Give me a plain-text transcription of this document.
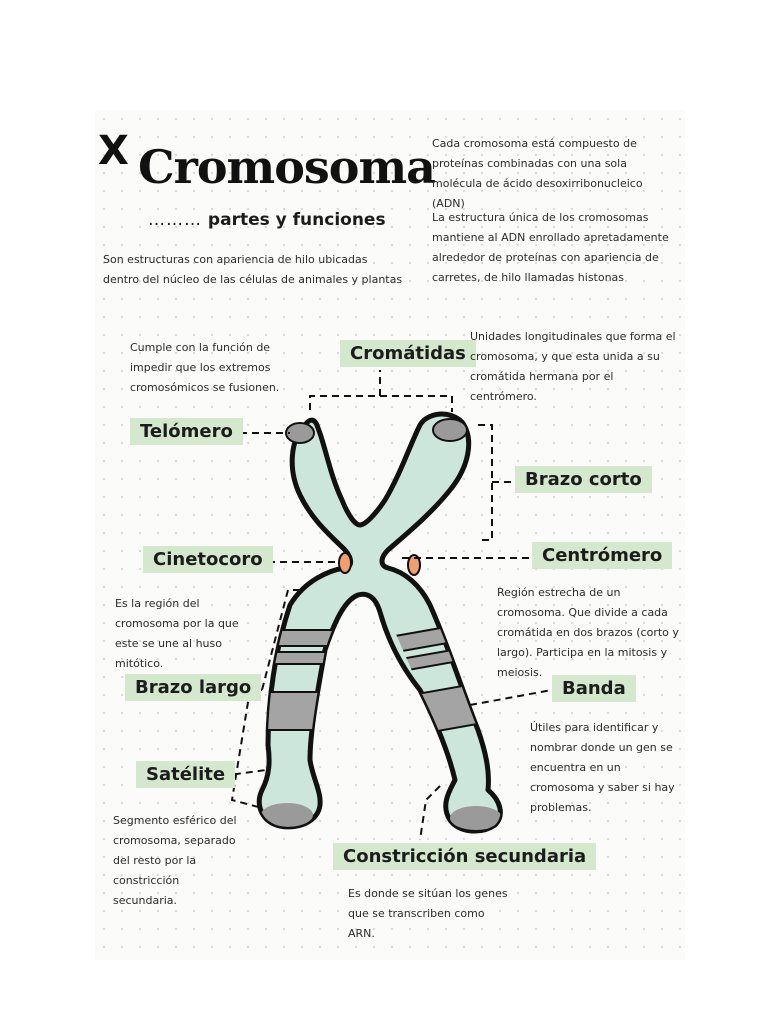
X Cromosoma
……… partes y funciones
Son estructuras con apariencia de hilo ubicadas dentro del núcleo de las células de animales y plantas
Cada cromosoma está compuesto de proteínas combinadas con una sola molécula de ácido desoxirribonucleico (ADN)
La estructura única de los cromosomas mantiene al ADN enrollado apretadamente alrededor de proteínas con apariencia de carretes, de hilo llamadas histonas
Cromátidas
Telómero
Brazo corto
Cinetocoro	Centrómero
Brazo largo	Banda
Satélite
Constricción secundaria
Cumple con la función de impedir que los extremos cromosómicos se fusionen.
Unidades longitudinales que forma el cromosoma, y que esta unida a su cromátida hermana por el centrómero.
Es la región del cromosoma por la que este se une al huso mitótico.
Región estrecha de un cromosoma. Que divide a cada cromátida en dos brazos (corto y largo). Participa en la mitosis y meiosis.
Útiles para identificar y nombrar donde un gen se encuentra en un cromosoma y saber si hay problemas.
Segmento esférico del cromosoma, separado del resto por la constricción secundaria.
Es donde se sitúan los genes que se transcriben como ARN.
